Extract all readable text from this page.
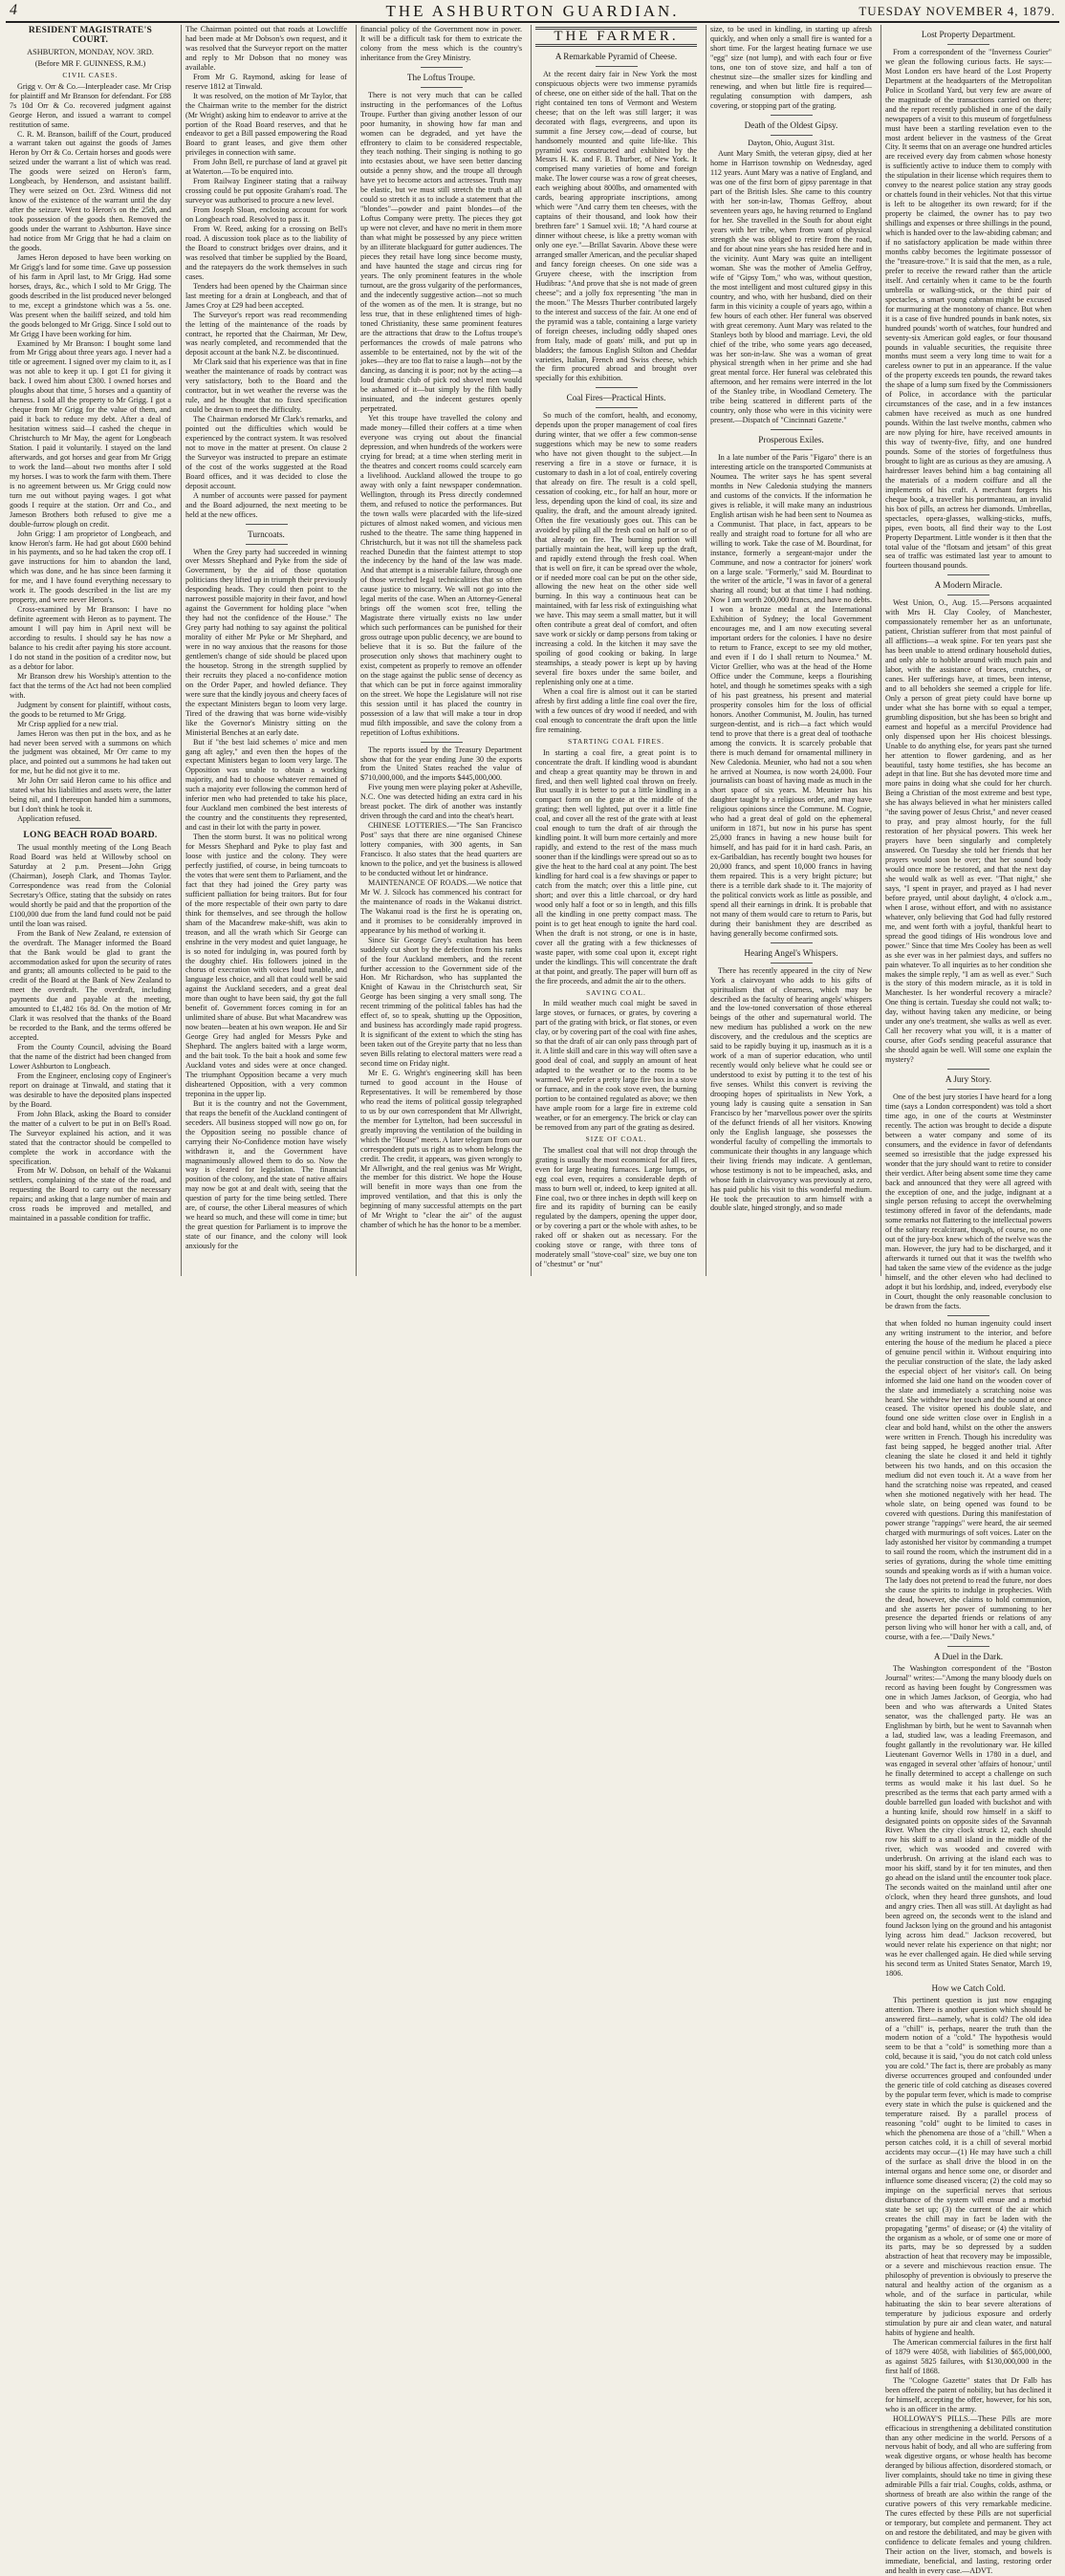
4	THE ASHBURTON GUARDIAN.	TUESDAY NOVEMBER 4, 1879.
RESIDENT MAGISTRATE'S COURT.
ASHBURTON, MONDAY, NOV. 3RD.
(Before MR F. GUINNESS, R.M.)
CIVIL CASES.

Grigg v. Orr & Co.—Interpleader case. Mr Crisp for plaintiff and Mr Branson for defendant. For £88 7s 10d Orr & Co. recovered judgment against George Heron, and issued a warrant to compel restitution of same.

C. R. M. Branson, bailiff of the Court, produced a warrant taken out against the goods of James Heron by Orr & Co. Certain horses and goods were seized under the warrant a list of which was read. The goods were seized on Heron's farm, Longbeach, by Henderson, and assistant bailiff. They were seized on Oct. 23rd. Witness did not know of the existence of the warrant until the day after the seizure. Went to Heron's on the 25th, and took possession of the goods then. Removed the goods under the warrant to Ashburton. Have since had notice from Mr Grigg that he had a claim on the goods.

James Heron deposed to have been working on Mr Grigg's land for some time. Gave up possession of his farm in April last, to Mr Grigg. Had some horses, drays, &c., which I sold to Mr Grigg. The goods described in the list produced never belonged to me, except a grindstone which was a 5s. one. Was present when the bailiff seized, and told him the goods belonged to Mr Grigg. Since I sold out to Mr Grigg I have been working for him.

Examined by Mr Branson: I bought some land from Mr Grigg about three years ago. I never had a title or agreement. I signed over my claim to it, as I was not able to keep it up. I got £1 for giving it back. I owed him about £300. I owned horses and ploughs about that time, 5 horses and a quantity of harness. I sold all the property to Mr Grigg. I got a cheque from Mr Grigg for the value of them, and paid it back to reduce my debt. After a deal of hesitation witness said—I cashed the cheque in Christchurch to Mr May, the agent for Longbeach Station. I paid it voluntarily. I stayed on the land afterwards, and got horses and gear from Mr Grigg to work the land—about two months after I sold my horses. I was to work the farm with them. There is no agreement between us. Mr Grigg could now turn me out without paying wages. I got what goods I require at the station. Orr and Co., and Jameson Brothers both refused to give me a double-furrow plough on credit.

John Grigg: I am proprietor of Longbeach, and know Heron's farm. He had got about £600 behind in his payments, and so he had taken the crop off. I gave instructions for him to abandon the land, which was done, and he has since been farming it for me, and I have found everything necessary to work it. The goods described in the list are my property, and were never Heron's.

Cross-examined by Mr Branson: I have no definite agreement with Heron as to payment. The amount I will pay him in April next will be according to results. I should say he has now a balance to his credit after paying his store account. I do not stand in the position of a creditor now, but as a debtor for labor.

Mr Branson drew his Worship's attention to the fact that the terms of the Act had not been complied with.

Judgment by consent for plaintiff, without costs, the goods to be returned to Mr Grigg.

Mr Crisp applied for a new trial.

James Heron was then put in the box, and as he had never been served with a summons on which the judgment was obtained, Mr Orr came to my place, and pointed out a summons he had taken out for me, but he did not give it to me.

Mr John Orr said Heron came to his office and stated what his liabilities and assets were, the latter being nil, and I thereupon handed him a summons, but I don't think he took it.

Application refused.

LONG BEACH ROAD BOARD.

The usual monthly meeting of the Long Beach Road Board was held at Willowby school on Saturday at 2 p.m. Present—John Grigg (Chairman), Joseph Clark, and Thomas Taylor. Correspondence was read from the Colonial Secretary's Office, stating that the subsidy on rates would shortly be paid and that the proportion of the £100,000 due from the land fund could not be paid until the loan was raised.

From the Bank of New Zealand, re extension of the overdraft. The Manager informed the Board that the Bank would be glad to grant the accommodation asked for upon the security of rates and grants; all amounts collected to be paid to the credit of the Board at the Bank of New Zealand to meet the overdraft. The overdraft, including payments due and payable at the meeting, amounted to £1,482 16s 8d. On the motion of Mr Clark it was resolved that the thanks of the Board be recorded to the Bank, and the terms offered be accepted.

From the County Council, advising the Board that the name of the district had been changed from Lower Ashburton to Longbeach.

From the Engineer, enclosing copy of Engineer's report on drainage at Tinwald, and stating that it was desirable to have the deposited plans inspected by the Board.

From John Black, asking the Board to consider the matter of a culvert to be put in on Bell's Road. The Surveyor explained his action, and it was stated that the contractor should be compelled to complete the work in accordance with the specification.

From Mr W. Dobson, on behalf of the Wakanui settlers, complaining of the state of the road, and requesting the Board to carry out the necessary repairs; and asking that a large number of main and cross roads be improved and metalled, and maintained in a passable condition for traffic.

The Chairman pointed out that roads at Lowcliffe had been made at Mr Dobson's own request, and it was resolved that the Surveyor report on the matter and reply to Mr Dobson that no money was available.

From Mr G. Raymond, asking for lease of reserve 1812 at Tinwald.

It was resolved, on the motion of Mr Taylor, that the Chairman write to the member for the district (Mr Wright) asking him to endeavor to arrive at the portion of the Road Board reserves, and that he endeavor to get a Bill passed empowering the Road Board to grant leases, and give them other privileges in connection with same.

From John Bell, re purchase of land at gravel pit at Waterton.—To be enquired into.

From Railway Engineer stating that a railway crossing could be put opposite Graham's road. The surveyor was authorised to procure a new level.

From Joseph Sloan, enclosing account for work on Longbeach road. Resolved to pass it.

From W. Reed, asking for a crossing on Bell's road. A discussion took place as to the liability of the Board to construct bridges over drains, and it was resolved that timber be supplied by the Board, and the ratepayers do the work themselves in such cases.

Tenders had been opened by the Chairman since last meeting for a drain at Longbeach, and that of James Croy at £29 had been accepted.

The Surveyor's report was read recommending the letting of the maintenance of the roads by contract, he reported that the Chairman, Mr Dew, was nearly completed, and recommended that the deposit account at the bank N.Z. be discontinued.

Mr Clark said that his experience was that in fine weather the maintenance of roads by contract was very satisfactory, both to the Board and the contractor, but in wet weather the reverse was the rule, and he thought that no fixed specification could be drawn to meet the difficulty.

The Chairman endorsed Mr Clark's remarks, and pointed out the difficulties which would be experienced by the contract system. It was resolved not to move in the matter at present. On clause 2 the Surveyor was instructed to prepare an estimate of the cost of the works suggested at the Road Board offices, and it was decided to close the deposit account.

A number of accounts were passed for payment and the Board adjourned, the next meeting to be held at the new offices.

Turncoats.

When the Grey party had succeeded in winning over Messrs Shephard and Pyke from the side of Government, by the aid of those quotation politicians they lifted up in triumph their previously desponding heads. They could then point to the narrowest possible majority in their favor, and howl against the Government for holding place "when they had not the confidence of the House." The Grey party had nothing to say against the political morality of either Mr Pyke or Mr Shephard, and were in no way anxious that the reasons for those gentlemen's change of side should be placed upon the housetop. Strong in the strength supplied by their recruits they placed a no-confidence motion on the Order Paper, and howled defiance. They were sure that the kindly joyous and cheery faces of the expectant Ministers began to loom very large. Tired of the drawing that was borne wide-visibly like the Governor's Ministry sitting on the Ministerial Benches at an early date.

But if "the best laid schemes o' mice and men gang aft agley," and even then the hopes of the expectant Ministers began to loom very large. The Opposition was unable to obtain a working majority, and had to choose whatever remained of such a majority ever following the common herd of inferior men who had pretended to take his place, four Auckland men combined the best interests of the country and the constituents they represented, and cast in their lot with the party in power.

Then the storm burst. It was no political wrong for Messrs Shephard and Pyke to play fast and loose with justice and the colony. They were perfectly justified, of course, in being turncoats to the votes that were sent them to Parliament, and the fact that they had joined the Grey party was sufficient palliation for being traitors. But for four of the more respectable of their own party to dare think for themselves, and see through the hollow sham of the Macandrew make-shift, was akin to treason, and all the wrath which Sir George can enshrine in the very modest and quiet language, he is so noted for indulging in, was poured forth by the doughty chief. His followers joined in the chorus of execration with voices loud tunable, and language less choice, and all that could well be said against the Auckland seceders, and a great deal more than ought to have been said, thy got the full benefit of. Government forces coming in for an unlimited share of abuse. But what Macandrew was now beaten—beaten at his own weapon. He and Sir George Grey had angled for Messrs Pyke and Shephard. The anglers baited with a large worm, and the bait took. To the bait a hook and some few Auckland votes and sides were at once changed. The triumphant Opposition became a very much disheartened Opposition, with a very common treponina in the upper lip.

But it is the country and not the Government, that reaps the benefit of the Auckland contingent of seceders. All business stopped will now go on, for the Opposition seeing no possible chance of carrying their No-Confidence motion have wisely withdrawn it, and the Government have magnanimously allowed them to do so. Now the way is cleared for legislation. The financial position of the colony, and the state of native affairs may now be got at and dealt with, seeing that the question of party for the time being settled. There are, of course, the other Liberal measures of which we heard so much, and these will come in time; but the great question for Parliament is to improve the state of our finance, and the colony will look anxiously for the

financial policy of the Government now in power. It will be a difficult task for them to extricate the colony from the mess which is the country's inheritance from the Grey Ministry.

The Loftus Troupe.

There is not very much that can be called instructing in the performances of the Loftus Troupe. Further than giving another lesson of our poor humanity, in showing how far man and women can be degraded, and yet have the effrontery to claim to be considered respectable, they teach nothing. Their singing is nothing to go into ecstasies about, we have seen better dancing outside a penny show, and the troupe all through have yet to become actors and actresses. Truth may be elastic, but we must still stretch the truth at all could so stretch it as to include a statement that the "blondes"—powder and paint blondes—of the Loftus Company were pretty. The pieces they got up were not clever, and have no merit in them more than what might be possessed by any piece written by an illiterate blackguard for gutter audiences. The pieces they retail have long since become musty, and have haunted the stage and circus ring for years. The only prominent features in the whole turnout, are the gross vulgarity of the performances, and the indecently suggestive action—not so much of the women as of the men. It is strange, but no less true, that in these enlightened times of high-toned Christianity, these same prominent features are the attractions that draw to the Loftus troupe's performances the crowds of male patrons who assemble to be entertained, not by the wit of the jokes—they are too flat to raise a laugh—not by the dancing, as dancing it is poor; not by the acting—a loud dramatic club of pick rod shovel men would be ashamed of it—but simply by the filth badly insinuated, and the indecent gestures openly perpetrated.

Yet this troupe have travelled the colony and made money—filled their coffers at a time when everyone was crying out about the financial depression, and when hundreds of the workers were crying for bread; at a time when sterling merit in the theatres and concert rooms could scarcely earn a livelihood. Auckland allowed the troupe to go away with only a faint newspaper condemnation. Wellington, through its Press directly condemned them, and refused to notice the performances. But the town walls were placarded with the life-sized pictures of almost naked women, and vicious men rushed to the theatre. The same thing happened in Christchurch, but it was not till the shameless pack reached Dunedin that the faintest attempt to stop the indecency by the hand of the law was made. And that attempt is a miserable failure, through one of those wretched legal technicalities that so often cause justice to miscarry. We will not go into the legal merits of the case. When an Attorney-General brings off the women scot free, telling the Magistrate there virtually exists no law under which such performances can be punished for their gross outrage upon public decency, we are bound to believe that it is so. But the failure of the prosecution only shows that machinery ought to exist, competent as properly to remove an offender on the stage against the public sense of decency as that which can be put in force against immorality on the street. We hope the Legislature will not rise this session until it has placed the country in possession of a law that will make a tour in drop mud filth impossible, and save the colony from a repetition of Loftus exhibitions.

The reports issued by the Treasury Department show that for the year ending June 30 the exports from the United States reached the value of $710,000,000, and the imports $445,000,000.

Five young men were playing poker at Asheville, N.C. One was detected hiding an extra card in his breast pocket. The dirk of another was instantly driven through the card and into the cheat's heart.

CHINESE LOTTERIES.—"The San Francisco Post" says that there are nine organised Chinese lottery companies, with 300 agents, in San Francisco. It also states that the head quarters are known to the police, and yet the business is allowed to be conducted without let or hindrance.

MAINTENANCE OF ROADS.—We notice that Mr W. J. Silcock has commenced his contract for the maintenance of roads in the Wakanui district. The Wakanui road is the first he is operating on, and it promises to be considerably improved in appearance by his method of working it.

Since Sir George Grey's exultation has been suddenly cut short by the defection from his ranks of the four Auckland members, and the recent further accession to the Government side of the Hon. Mr Richardson, who has supplanted the Knight of Kawau in the Christchurch seat, Sir George has been singing a very small song. The recent trimming of the political fables has had the effect of, so to speak, shutting up the Opposition, and business has accordingly made rapid progress. It is significant of the extent to which the sting has been taken out of the Greyite party that no less than seven Bills relating to electoral matters were read a second time on Friday night.

Mr E. G. Wright's engineering skill has been turned to good account in the House of Representatives. It will be remembered by those who read the items of political gossip telegraphed to us by our own correspondent that Mr Allwright, the member for Lyttelton, had been successful in greatly improving the ventilation of the building in which the "House" meets. A later telegram from our correspondent puts us right as to whom belongs the credit. The credit, it appears, was given wrongly to Mr Allwright, and the real genius was Mr Wright, the member for this district. We hope the House will benefit in more ways than one from the improved ventilation, and that this is only the beginning of many successful attempts on the part of Mr Wright to "clear the air" of the august chamber of which he has the honor to be a member.

THE FARMER.
A Remarkable Pyramid of Cheese.

At the recent dairy fair in New York the most conspicuous objects were two immense pyramids of cheese, one on either side of the hall. That on the right contained ten tons of Vermont and Western cheese; that on the left was still larger; it was decorated with flags, evergreens, and upon its summit a fine Jersey cow,—dead of course, but handsomely mounted and quite life-like. This pyramid was constructed and exhibited by the Messrs H. K. and F. B. Thurber, of New York. It comprised many varieties of home and foreign make. The lower course was a row of great cheeses, each weighing about 800lbs, and ornamented with cards, bearing appropriate inscriptions, among which were "And carry them ten cheeses, with the captains of their thousand, and look how their brethren fare" 1 Samuel xvii. 18; "A hard course at dinner without cheese, is like a pretty woman with only one eye."—Brillat Savarin. Above these were arranged smaller American, and the peculiar shaped and fancy foreign cheeses. On one side was a Gruyere cheese, with the inscription from Hudibras: "And prove that she is not made of green cheese"; and a jolly fox representing "the man in the moon." The Messrs Thurber contributed largely to the interest and success of the fair. At one end of the pyramid was a table, containing a large variety of foreign cheeses, including oddly shaped ones from Italy, made of goats' milk, and put up in bladders; the famous English Stilton and Cheddar varieties, Italian, French and Swiss cheese, which the firm procured abroad and brought over specially for this exhibition.

Coal Fires—Practical Hints.

So much of the comfort, health, and economy, depends upon the proper management of coal fires during winter, that we offer a few common-sense suggestions which may be new to some readers who have not given thought to the subject.—In reserving a fire in a stove or furnace, it is customary to dash in a lot of coal, entirely covering that already on fire. The result is a cold spell, cessation of cooking, etc., for half an hour, more or less, depending upon the kind of coal, its size and quality, the draft, and the amount already ignited. Often the fire vexatiously goes out. This can be avoided by piling all the fresh coal on half or so of that already on fire. The burning portion will partially maintain the heat, will keep up the draft, and rapidly extend through the fresh coal. When that is well on fire, it can be spread over the whole, or if needed more coal can be put on the other side, allowing the new heat on the other side well burning. In this way a continuous heat can be maintained, with far less risk of extinguishing what we have. This may seem a small matter, but it will often contribute a great deal of comfort, and often save work or sickly or damp persons from taking or increasing a cold. In the kitchen it may save the spoiling of good cooking or baking. In large steamships, a steady power is kept up by having several fire boxes under the same boiler, and replenishing only one at a time.

When a coal fire is almost out it can be started afresh by first adding a little fine coal over the fire, with a few ounces of dry wood if needed, and with coal enough to concentrate the draft upon the little fire remaining.

STARTING COAL FIRES.

In starting a coal fire, a great point is to concentrate the draft. If kindling wood is abundant and cheap a great quantity may be thrown in and fired, and then well lighted coal thrown on freely. But usually it is better to put a little kindling in a compact form on the grate at the middle of the grating; then well lighted, put over it a little fine coal, and cover all the rest of the grate with at least coal enough to turn the draft of air through the kindling point. It will burn more certainly and more rapidly, and extend to the rest of the mass much sooner than if the kindlings were spread out so as to give the heat to the hard coal at any point. The best kindling for hard coal is a few shavings or paper to catch from the match; over this a little pine, cut short; and over this a little charcoal, or dry hard wood only half a foot or so in length, and this fills all the kindling in one pretty compact mass. The point is to get heat enough to ignite the hard coal. When the draft is not strong, or one is in haste, cover all the grating with a few thicknesses of waste paper, with some coal upon it, except right under the kindlings. This will concentrate the draft at that point, and greatly. The paper will burn off as the fire proceeds, and admit the air to the others.

SAVING COAL.

In mild weather much coal might be saved in large stoves, or furnaces, or grates, by covering a part of the grating with brick, or flat stones, or even clay, or by covering part of the coal with fine ashes, so that the draft of air can only pass through part of it. A little skill and care in this way will often save a good deal of coal, and supply an amount of heat adapted to the weather or to the rooms to be warmed. We prefer a pretty large fire box in a stove or furnace, and in the cook stove even, the burning portion to be contained regulated as above; we then have ample room for a large fire in extreme cold weather, or for an emergency. The brick or clay can be removed from any part of the grating as desired.

SIZE OF COAL.

The smallest coal that will not drop through the grating is usually the most economical for all fires, even for large heating furnaces. Large lumps, or egg coal even, requires a considerable depth of mass to burn well or, indeed, to keep ignited at all. Fine coal, two or three inches in depth will keep on fire and its rapidity of burning can be easily regulated by the dampers, opening the upper door, or by covering a part or the whole with ashes, to be raked off or shaken out as necessary. For the cooking stove or range, with three tons of moderately small "stove-coal" size, we buy one ton of "chestnut" or "nut"

size, to be used in kindling, in starting up afresh quickly, and when only a small fire is wanted for a short time. For the largest heating furnace we use "egg" size (not lump), and with each four or five tons, one ton of stove size, and half a ton of chestnut size—the smaller sizes for kindling and renewing, and when but little fire is required—regulating consumption with dampers, ash covering, or stopping part of the grating.

Death of the Oldest Gipsy.
Dayton, Ohio, August 31st.

Aunt Mary Smith, the veteran gipsy, died at her home in Harrison township on Wednesday, aged 112 years. Aunt Mary was a native of England, and was one of the first born of gipsy parentage in that part of the British Isles. She came to this country with her son-in-law, Thomas Geffroy, about seventeen years ago, he having returned to England for her. She travelled in the South for about eight years with her tribe, when from want of physical strength she was obliged to retire from the road, and for about nine years she has resided here and in the vicinity. Aunt Mary was quite an intelligent woman. She was the mother of Amelia Geffroy, wife of "Gipsy Tom," who was, without question, the most intelligent and most cultured gipsy in this country, and who, with her husband, died on their farm in this vicinity a couple of years ago, within a few hours of each other. Her funeral was observed with great ceremony. Aunt Mary was related to the Stanleys both by blood and marriage. Levi, the old chief of the tribe, who some years ago deceased, was her son-in-law. She was a woman of great physical strength when in her prime and she had great mental force. Her funeral was celebrated this afternoon, and her remains were interred in the lot of the Stanley tribe, in Woodland Cemetery. The tribe being scattered in different parts of the country, only those who were in this vicinity were present.—Dispatch of "Cincinnati Gazette."

Prosperous Exiles.

In a late number of the Paris "Figaro" there is an interesting article on the transported Communists at Noumea. The writer says he has spent several months in New Caledonia studying the manners and customs of the convicts. If the information he gives is reliable, it will make many an industrious English artisan wish he had been sent to Noumea as a Communist. That place, in fact, appears to be really and straight road to fortune for all who are willing to work. Take the case of M. Bourdinat, for instance, formerly a sergeant-major under the Commune, and now a contractor for joiners' work on a large scale. "Formerly," said M. Bourdinat to the writer of the article, "I was in favor of a general sharing all round; but at that time I had nothing. Now I am worth 200,000 francs, and have no debts. I won a bronze medal at the International Exhibition of Sydney; the local Government encourages me, and I am now executing several important orders for the colonies. I have no desire to return to France, except to see my old mother, and even if I do I shall return to Noumea." M. Victor Grellier, who was at the head of the Home Office under the Commune, keeps a flourishing hotel, and though he sometimes speaks with a sigh of his past greatness, his present and material prosperity consoles him for the loss of official honors. Another Communist, M. Joulin, has turned surgeon-dentist, and is rich—a fact which would tend to prove that there is a great deal of toothache among the convicts. It is scarcely probable that there is much demand for ornamental millinery in New Caledonia. Meunier, who had not a sou when he arrived at Noumea, is now worth 24,000. Four journalists can boast of having made as much in the short space of six years. M. Meunier has his daughter taught by a religious order, and may have religious opinions since the Commune. M. Cognie, who had a great deal of gold on the ephemeral uniform in 1871, but now in his purse has spent 25,000 francs in having a new house built for himself, and has paid for it in hard cash. Paris, an ex-Garibaldian, has recently bought two houses for 20,000 francs, and spent 10,000 francs in having them repaired. This is a very bright picture; but there is a terrible dark shade to it. The majority of the political convicts work as little as possible, and spend all their earnings in drink. It is probable that not many of them would care to return to Paris, but during their banishment they are described as having generally become confirmed sots.

Hearing Angel's Whispers.

There has recently appeared in the city of New York a clairvoyant who adds to his gifts of spiritualism that of clearness, which may be described as the faculty of hearing angels' whispers and the low-toned conversation of those ethereal beings of the other and supernatural world. The new medium has published a work on the new discovery, and the credulous and the sceptics are said to be rapidly buying it up, inasmuch as it is a work of a man of superior education, who until recently would only believe what he could see or understood to exist by putting it to the test of his five senses. Whilst this convert is reviving the drooping hopes of spiritualists in New York, a young lady is causing quite a sensation in San Francisco by her "marvellous power over the spirits of the defunct friends of all her visitors. Knowing only the English language, she possesses the wonderful faculty of compelling the immortals to communicate their thoughts in any language which their living friends may indicate. A gentleman, whose testimony is not to be impeached, asks, and whose faith in clairvoyancy was previously at zero, has paid public his visit to this wonderful medium. He took the precaution to arm himself with a double slate, hinged strongly, and so made

Lost Property Department.

From a correspondent of the "Inverness Courier" we glean the following curious facts. He says:—Most London ers have heard of the Lost Property Department at the headquarters of the Metropolitan Police in Scotland Yard, but very few are aware of the magnitude of the transactions carried on there; and the report recently published in one of the daily newspapers of a visit to this museum of forgetfulness must have been a startling revelation even to the most ardent believer in the vastness of the Great City. It seems that on an average one hundred articles are received every day from cabmen whose honesty is sufficiently active to induce them to comply with the stipulation in their license which requires them to convey to the nearest police station any stray goods or chattels found in their vehicles. Not that this virtue is left to be altogether its own reward; for if the property be claimed, the owner has to pay two shillings and expenses or three shillings in the pound, which is handed over to the law-abiding cabman; and if no satisfactory application be made within three months cabby becomes the legitimate possessor of the "treasure-trove." It is said that the men, as a rule, prefer to receive the reward rather than the article itself. And certainly when it came to be the fourth umbrella or walking-stick, or the third pair of spectacles, a smart young cabman might be excused for murmuring at the monotony of chance. But when it is a case of five hundred pounds in bank notes, six hundred pounds' worth of watches, four hundred and seventy-six American gold eagles, or four thousand pounds in valuable securities, the requisite three months must seem a very long time to wait for a careless owner to put in an appearance. If the value of the property exceeds ten pounds, the reward takes the shape of a lump sum fixed by the Commissioners of Police, in accordance with the particular circumstances of the case, and in a few instances cabmen have received as much as one hundred pounds. Within the last twelve months, cabmen who are now plying for hire, have received amounts in this way of twenty-five, fifty, and one hundred pounds. Some of the stories of forgetfulness thus brought to light are as curious as they are amusing. A hairdresser leaves behind him a bag containing all the materials of a modern coiffure and all the implements of his craft. A merchant forgets his cheque book, a traveller his portmanteau, an invalid his box of pills, an actress her diamonds. Umbrellas, spectacles, opera-glasses, walking-sticks, muffs, pipes, even boots, all find their way to the Lost Property Department. Little wonder is it then that the total value of the "flotsam and jetsam" of this great sea of traffic was estimated last year to amount to fourteen thousand pounds.

A Modern Miracle.

West Union, O., Aug. 15.—Persons acquainted with Mrs H. Clay Cooley, of Manchester, compassionately remember her as an unfortunate, patient, Christian sufferer from that most painful of all afflictions—a weak spine. For ten years past she has been unable to attend ordinary household duties, and only able to hobble around with much pain and labor, with the assistance of braces, crutches, or canes. Her sufferings have, at times, been intense, and to all beholders she seemed a cripple for life. Only a person of great piety could have borne up under what she has borne with so equal a temper, grumbling disposition, but she has been so bright and earnest and hopeful as a merciful Providence had only dispensed upon her His choicest blessings. Unable to do anything else, for years past she turned her attention to flower gardening, and as her beautiful, tasty home testifies, she has become an adept in that line. But she has devoted more time and more pains in doing what she could for her church. Being a Christian of the most extreme and best type, she has always believed in what her ministers called "the saving power of Jesus Christ," and never ceased to pray, and pray almost hourly, for the full restoration of her physical powers. This week her prayers have been singularly and completely answered. On Tuesday she told her friends that her prayers would soon be over; that her sound body would once more be restored, and that the next day she would walk as well as ever. "That night," she says, "I spent in prayer, and prayed as I had never before prayed, until about daylight, 4 o'clock a.m., when I arose, without effort, and with no assistance whatever, only believing that God had fully restored me, and went forth with a joyful, thankful heart to spread the good tidings of His wondrous love and power." Since that time Mrs Cooley has been as well as she ever was in her palmiest days, and suffers no pain whatever. To all inquiries as to her condition she makes the simple reply, "I am as well as ever." Such is the story of this modern miracle, as it is told in Manchester. Is her wonderful recovery a miracle? One thing is certain. Tuesday she could not walk; to-day, without having taken any medicine, or being under any one's treatment, she walks as well as ever. Call her recovery what you will, it is a matter of course, after God's sending peaceful assurance that she should again be well. Will some one explain the mystery?

A Jury Story.

One of the best jury stories I have heard for a long time (says a London correspondent) was told a short time ago, in one of the courts at Westminster recently. The action was brought to decide a dispute between a water company and some of its consumers, and the evidence in favor of defendants seemed so irresistible that the judge expressed his wonder that the jury should want to retire to consider their verdict. After being absent some time they came back and announced that they were all agreed with the exception of one, and the judge, indignant at a single person refusing to accept the overwhelming testimony offered in favor of the defendants, made some remarks not flattering to the intellectual powers of the solitary recalcitrant, though, of course, no one out of the jury-box knew which of the twelve was the man. However, the jury had to be discharged, and it afterwards it turned out that it was the twelfth who had taken the same view of the evidence as the judge himself, and the other eleven who had declined to adopt it but his lordship, and, indeed, everybody else in Court, thought the only reasonable conclusion to be drawn from the facts.

that when folded no human ingenuity could insert any writing instrument to the interior, and before entering the house of the medium he placed a piece of genuine pencil within it. Without enquiring into the peculiar construction of the slate, the lady asked the especial object of her visitor's call. On being informed she laid one hand on the wooden cover of the slate and immediately a scratching noise was heard. She withdrew her touch and the sound at once ceased. The visitor opened his double slate, and found one side written close over in English in a clear and bold hand, whilst on the other the answers were written in French. Though his incredulity was fast being sapped, he begged another trial. After cleaning the slate he closed it and held it tightly between his two hands, and on this occasion the medium did not even touch it. At a wave from her hand the scratching noise was repeated, and ceased when she motioned negatively with her head. The whole slate, on being opened was found to be covered with questions. During this manifestation of power strange "rappings" were heard, the air seemed charged with murmurings of soft voices. Later on the lady astonished her visitor by commanding a trumpet to sail round the room, which the instrument did in a series of gyrations, during the whole time emitting sounds and speaking words as if with a human voice. The lady does not pretend to read the future, nor does she cause the spirits to indulge in prophecies. With the dead, however, she claims to hold communion, and she asserts her power of summoning to her presence the departed friends or relations of any person living who will honor her with a call, and, of course, with a fee.—"Daily News."

A Duel in the Dark.

The Washington correspondent of the "Boston Journal" writes:—"Among the many bloody duels on record as having been fought by Congressmen was one in which James Jackson, of Georgia, who had been and who was afterwards a United States senator, was the challenged party. He was an Englishman by birth, but he went to Savannah when a lad, studied law, was a leading Freemason, and fought gallantly in the revolutionary war. He killed Lieutenant Governor Wells in 1780 in a duel, and was engaged in several other 'affairs of honour,' until he finally determined to accept a challenge on such terms as would make it his last duel. So he prescribed as the terms that each party armed with a double barrelled gun loaded with buckshot and with a hunting knife, should row himself in a skiff to designated points on opposite sides of the Savannah River. When the city clock struck 12, each should row his skiff to a small island in the middle of the river, which was wooded and covered with underbrush. On arriving at the island each was to moor his skiff, stand by it for ten minutes, and then go ahead on the island until the encounter took place. The seconds waited on the mainland until after one o'clock, when they heard three gunshots, and loud and angry cries. Then all was still. At daylight as had been agreed on, the seconds went to the island and found Jackson lying on the ground and his antagonist lying across him dead." Jackson recovered, but would never relate his experience on that night; nor was he ever challenged again. He died while serving his second term as United States Senator, March 19, 1806.

How we Catch Cold.

This pertinent question is just now engaging attention. There is another question which should be answered first—namely, what is cold? The old idea of a "chill" is, perhaps, nearer the truth than the modern notion of a "cold." The hypothesis would seem to be that a "cold" is something more than a cold, because it is said, "you do not catch cold unless you are cold." The fact is, there are probably as many diverse occurrences grouped and confounded under the generic title of cold catching as diseases covered by the popular term fever, which is made to comprise every state in which the pulse is quickened and the temperature raised. By a parallel process of reasoning "cold" ought to be limited to cases in which the phenomena are those of a "chill." When a person catches cold, it is a chill of several morbid accidents may occur—(1) He may have such a chill of the surface as shall drive the blood in on the internal organs and hence some one, or disorder and influence some diseased viscera; (2) the cold may so impinge on the superficial nerves that serious disturbance of the system will ensue and a morbid state be set up; (3) the current of the air which creates the chill may in fact be laden with the propagating "germs" of disease; or (4) the vitality of the organism as a whole, or of some one or more of its parts, may be so depressed by a sudden abstraction of heat that recovery may be impossible, or a severe and mischievous reaction ensue. The philosophy of prevention is obviously to preserve the natural and healthy action of the organism as a whole, and of the surface in particular, while habituating the skin to bear severe alterations of temperature by judicious exposure and orderly stimulation by pure air and clean water, and natural habits of hygiene and health.

The American commercial failures in the first half of 1879 were 4058, with liabilities of $65,000,000, as against 5825 failures, with $130,000,000 in the first half of 1868.

The "Cologne Gazette" states that Dr Falb has been offered the patent of nobility, but has declined it for himself, accepting the offer, however, for his son, who is an officer in the army.

HOLLOWAY'S PILLS.—These Pills are more efficacious in strengthening a debilitated constitution than any other medicine in the world. Persons of a nervous habit of body, and all who are suffering from weak digestive organs, or whose health has become deranged by bilious affection, disordered stomach, or liver complaints, should take no time in giving these admirable Pills a fair trial. Coughs, colds, asthma, or shortness of breath are also within the range of the curative powers of this very remarkable medicine. The cures effected by these Pills are not superficial or temporary, but complete and permanent. They act on and restore the debilitated, and may be given with confidence to delicate females and young children. Their action on the liver, stomach, and bowels is immediate, beneficial, and lasting, restoring order and health in every case.—ADVT.
